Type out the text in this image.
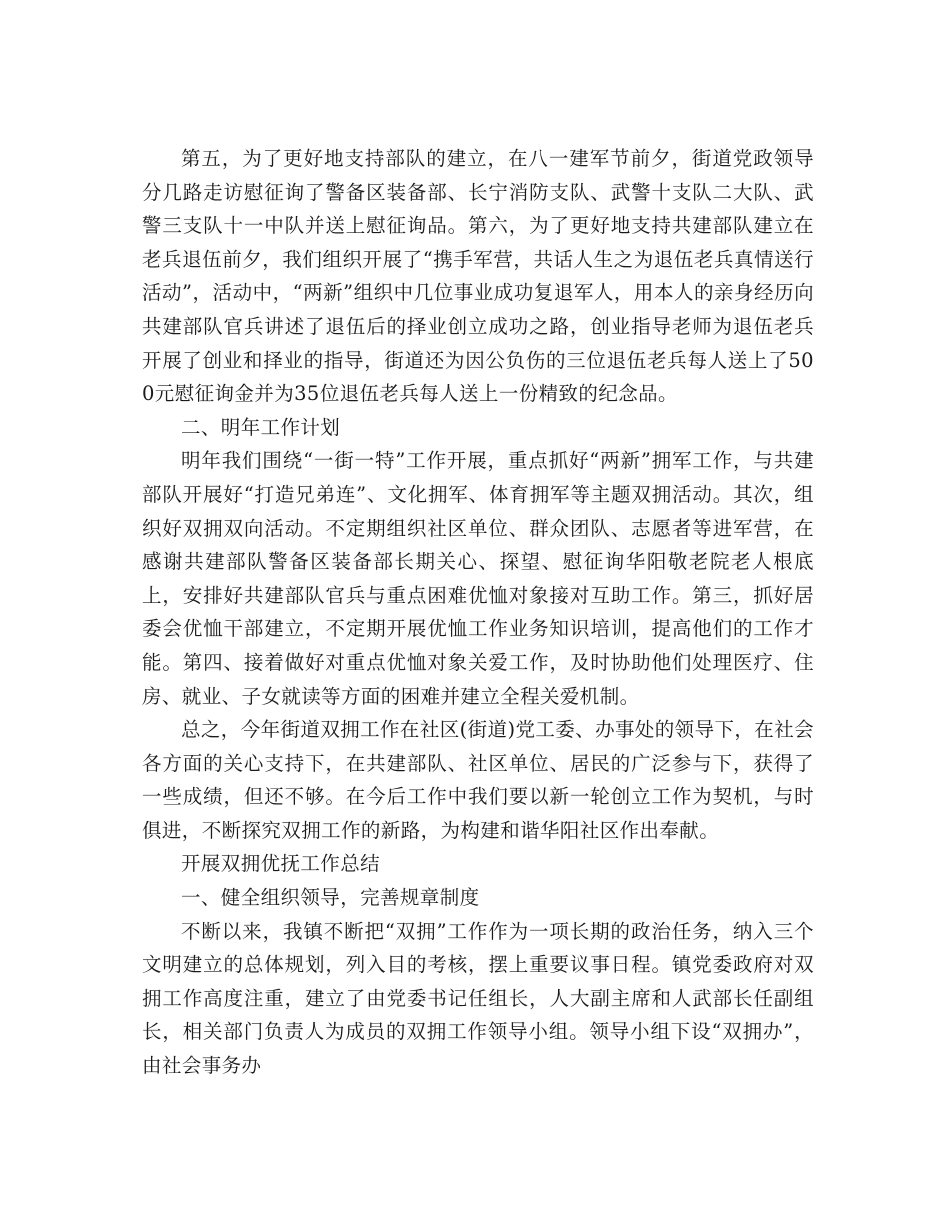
第五，为了更好地支持部队的建立，在八一建军节前夕，街道党政领导分几路走访慰征询了警备区装备部、长宁消防支队、武警十支队二大队、武警三支队十一中队并送上慰征询品。第六，为了更好地支持共建部队建立在老兵退伍前夕，我们组织开展了“携手军营，共话人生之为退伍老兵真情送行活动”，活动中，“两新”组织中几位事业成功复退军人，用本人的亲身经历向共建部队官兵讲述了退伍后的择业创立成功之路，创业指导老师为退伍老兵开展了创业和择业的指导，街道还为因公负伤的三位退伍老兵每人送上了500元慰征询金并为35位退伍老兵每人送上一份精致的纪念品。

二、明年工作计划

明年我们围绕“一街一特”工作开展，重点抓好“两新”拥军工作，与共建部队开展好“打造兄弟连”、文化拥军、体育拥军等主题双拥活动。其次，组织好双拥双向活动。不定期组织社区单位、群众团队、志愿者等进军营，在感谢共建部队警备区装备部长期关心、探望、慰征询华阳敬老院老人根底上，安排好共建部队官兵与重点困难优恤对象接对互助工作。第三，抓好居委会优恤干部建立，不定期开展优恤工作业务知识培训，提高他们的工作才能。第四、接着做好对重点优恤对象关爱工作，及时协助他们处理医疗、住房、就业、子女就读等方面的困难并建立全程关爱机制。

总之，今年街道双拥工作在社区(街道)党工委、办事处的领导下，在社会各方面的关心支持下，在共建部队、社区单位、居民的广泛参与下，获得了一些成绩，但还不够。在今后工作中我们要以新一轮创立工作为契机，与时俱进，不断探究双拥工作的新路，为构建和谐华阳社区作出奉献。

开展双拥优抚工作总结

一、健全组织领导，完善规章制度

不断以来，我镇不断把“双拥”工作作为一项长期的政治任务，纳入三个文明建立的总体规划，列入目的考核，摆上重要议事日程。镇党委政府对双拥工作高度注重，建立了由党委书记任组长，人大副主席和人武部长任副组长，相关部门负责人为成员的双拥工作领导小组。领导小组下设“双拥办”，由社会事务办
